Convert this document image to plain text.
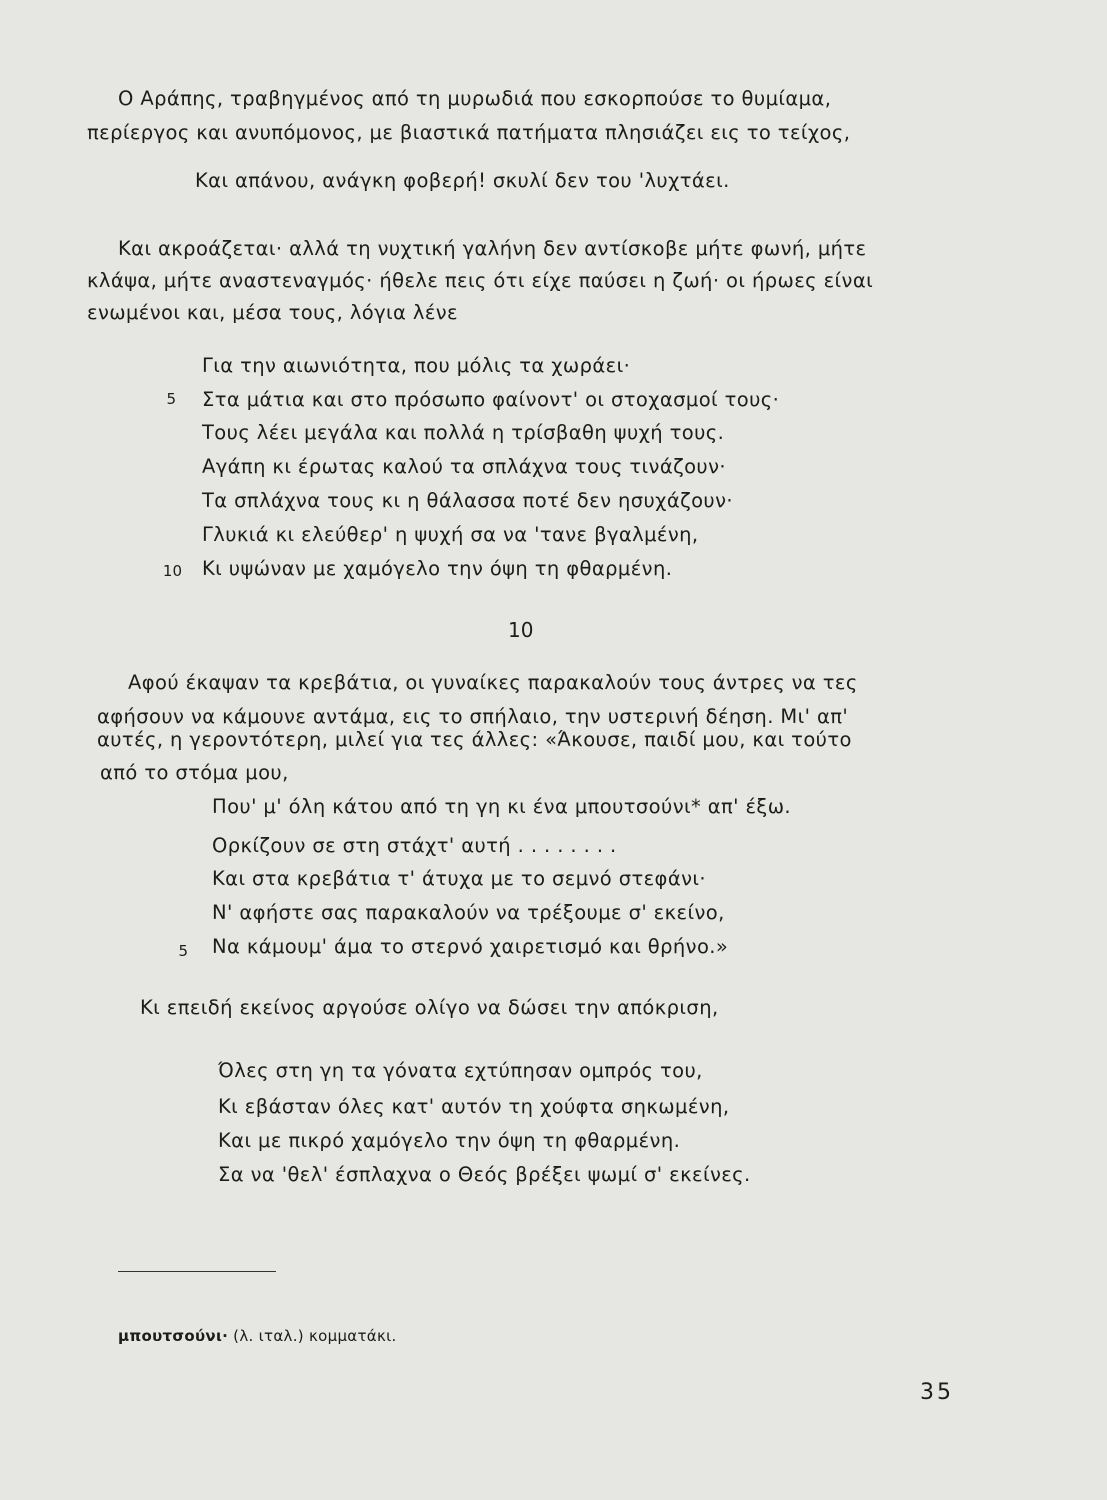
Ο Αράπης, τραβηγμένος από τη μυρωδιά που εσκορπούσε το θυμίαμα,
περίεργος και ανυπόμονος, με βιαστικά πατήματα πλησιάζει εις το τείχος,
Και απάνου, ανάγκη φοβερή! σκυλί δεν του 'λυχτάει.
Και ακροάζεται· αλλά τη νυχτική γαλήνη δεν αντίσκοβε μήτε φωνή, μήτε
κλάψα, μήτε αναστεναγμός· ήθελε πεις ότι είχε παύσει η ζωή· οι ήρωες είναι
ενωμένοι και, μέσα τους, λόγια λένε
Για την αιωνιότητα, που μόλις τα χωράει·
5 Στα μάτια και στο πρόσωπο φαίνοντ' οι στοχασμοί τους·
Τους λέει μεγάλα και πολλά η τρίσβαθη ψυχή τους.
Αγάπη κι έρωτας καλού τα σπλάχνα τους τινάζουν·
Τα σπλάχνα τους κι η θάλασσα ποτέ δεν ησυχάζουν·
Γλυκιά κι ελεύθερ' η ψυχή σα να 'τανε βγαλμένη,
10 Κι υψώναν με χαμόγελο την όψη τη φθαρμένη.
10
Αφού έκαψαν τα κρεβάτια, οι γυναίκες παρακαλούν τους άντρες να τες
αφήσουν να κάμουνε αντάμα, εις το σπήλαιο, την υστερινή δέηση. Μι' απ'
αυτές, η γεροντότερη, μιλεί για τες άλλες: «Άκουσε, παιδί μου, και τούτο
από το στόμα μου,
Που' μ' όλη κάτου από τη γη κι ένα μπουτσούνι* απ' έξω.
Ορκίζουν σε στη στάχτ' αυτή . . . . . . . .
Και στα κρεβάτια τ' άτυχα με το σεμνό στεφάνι·
Ν' αφήστε σας παρακαλούν να τρέξουμε σ' εκείνο,
5 Να κάμουμ' άμα το στερνό χαιρετισμό και θρήνο.»
Κι επειδή εκείνος αργούσε ολίγο να δώσει την απόκριση,
Όλες στη γη τα γόνατα εχτύπησαν ομπρός του,
Κι εβάσταν όλες κατ' αυτόν τη χούφτα σηκωμένη,
Και με πικρό χαμόγελο την όψη τη φθαρμένη.
Σα να 'θελ' έσπλαχνα ο Θεός βρέξει ψωμί σ' εκείνες.
μπουτσούνι· (λ. ιταλ.) κομματάκι.
35
